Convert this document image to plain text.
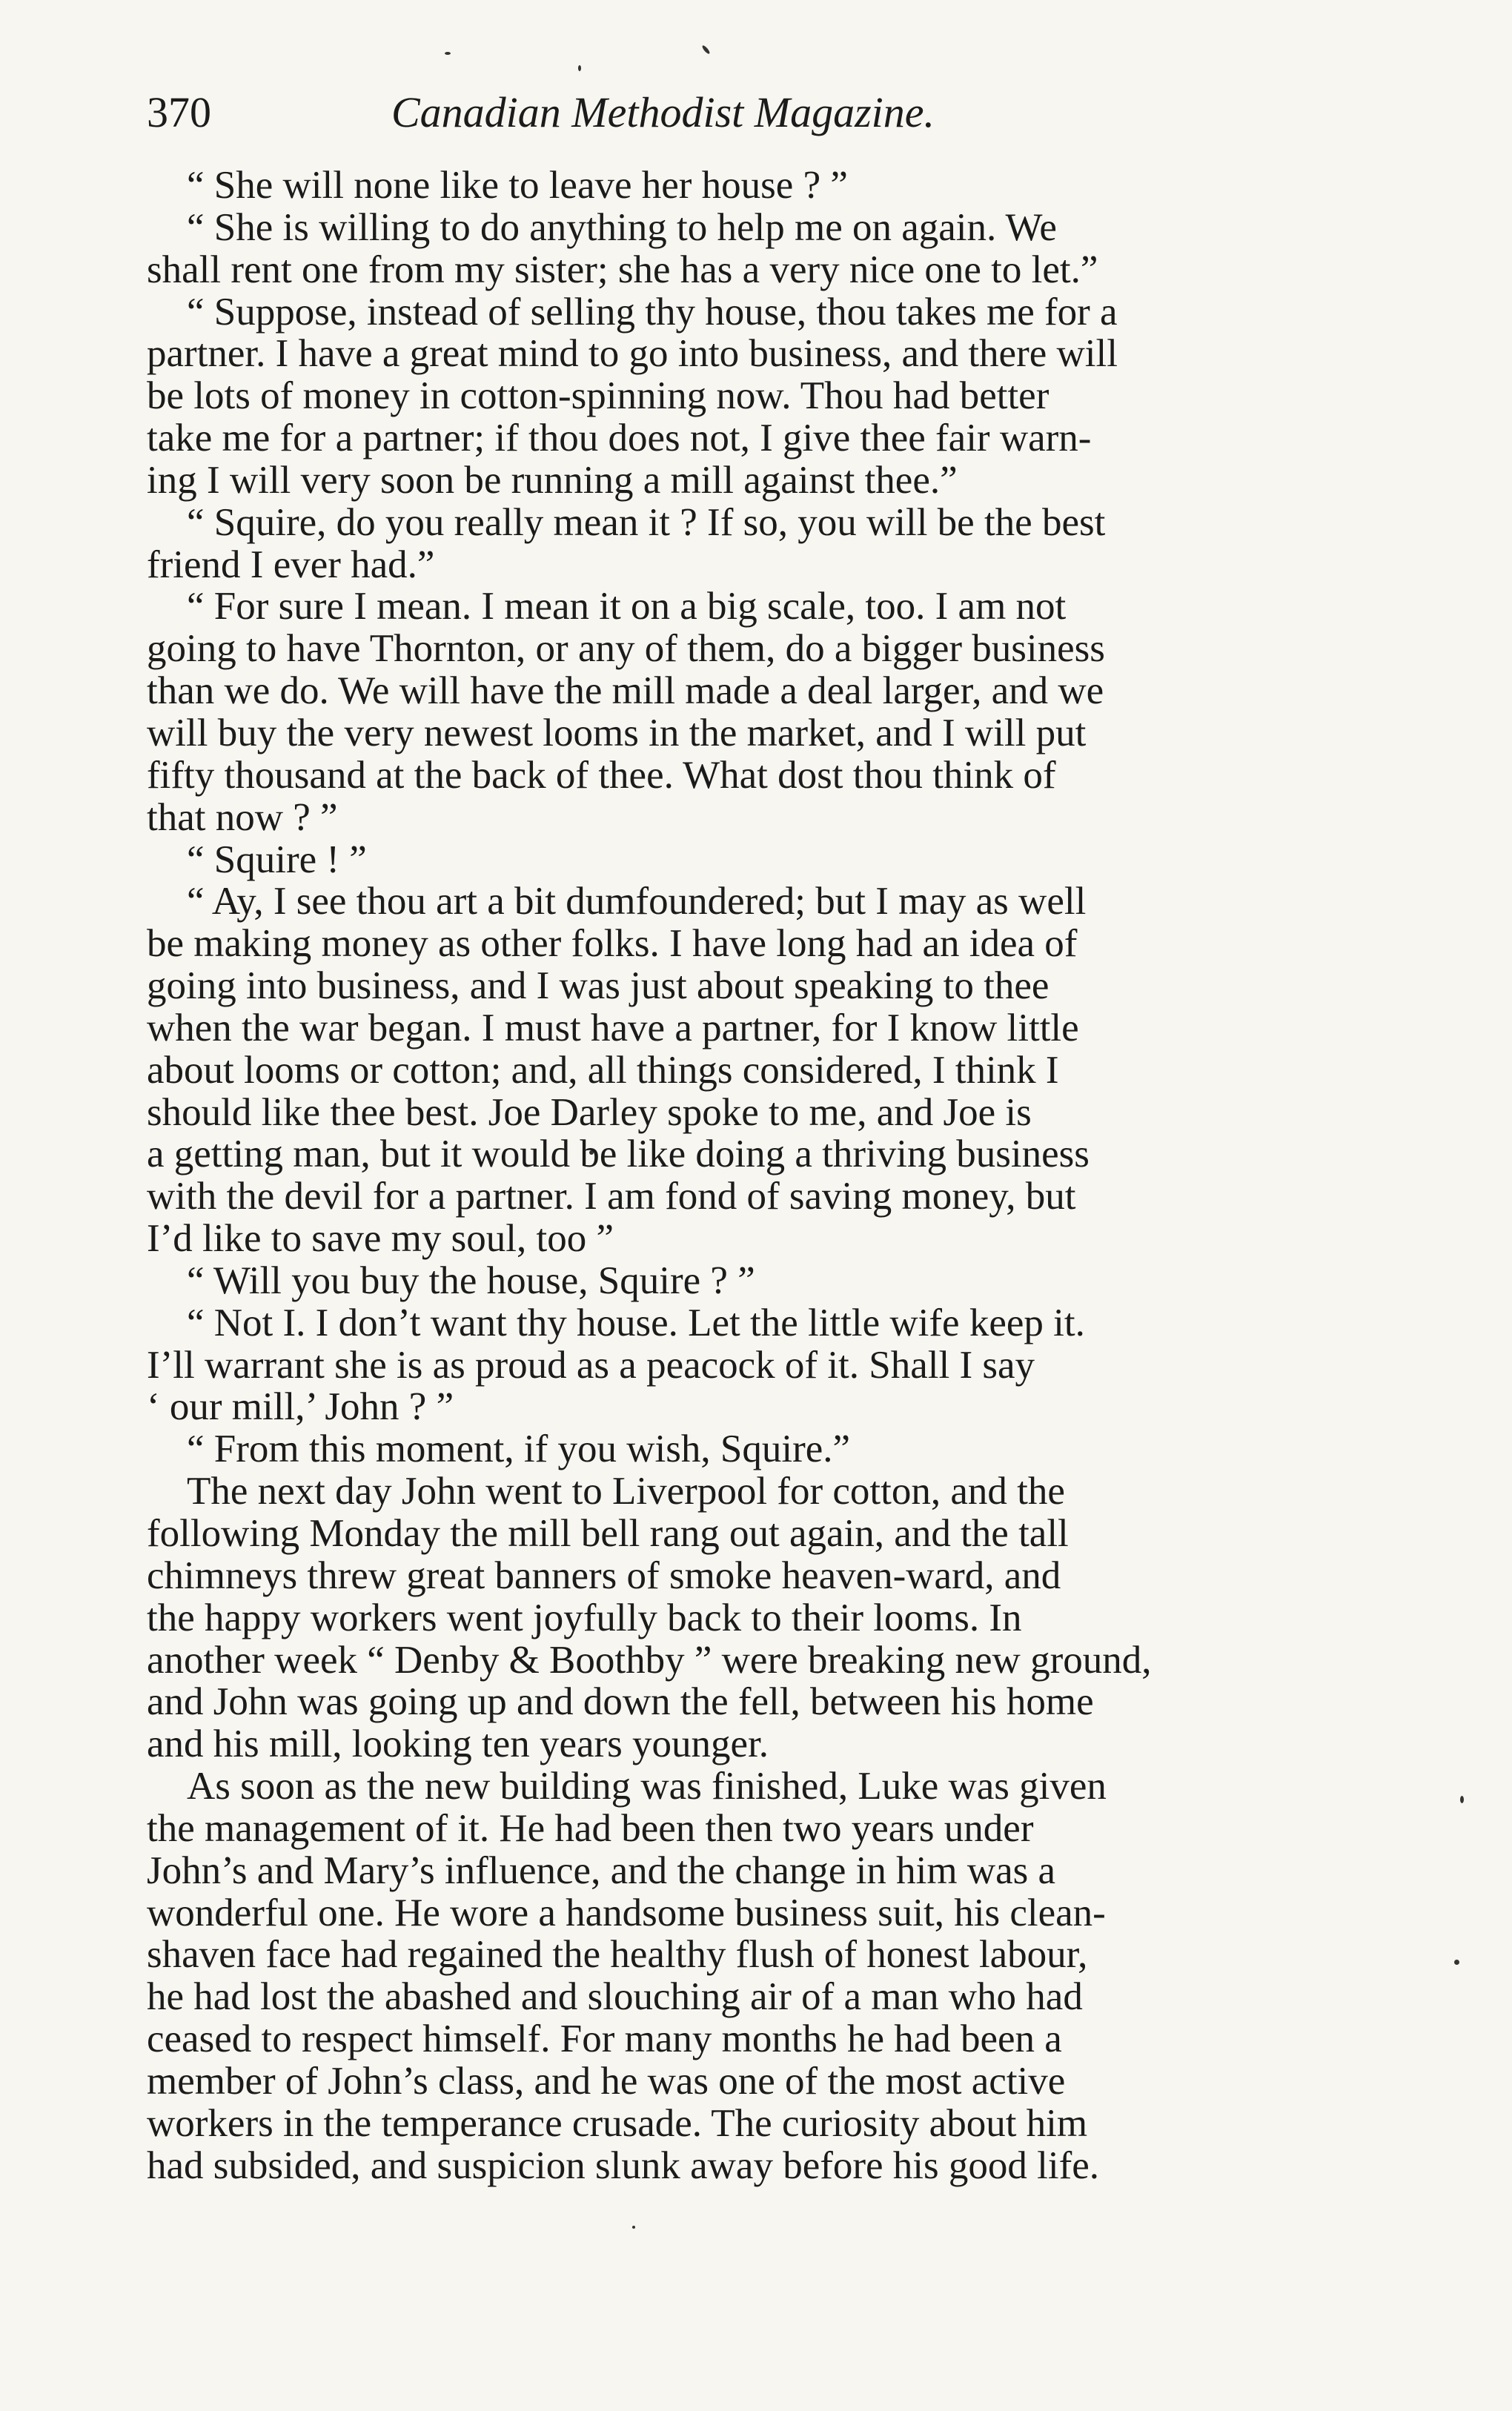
370	Canadian Methodist Magazine.

“ She will none like to leave her house ? ”

“ She is willing to do anything to help me on again. We
shall rent one from my sister; she has a very nice one to let.”

“ Suppose, instead of selling thy house, thou takes me for a
partner. I have a great mind to go into business, and there will
be lots of money in cotton-spinning now. Thou had better
take me for a partner; if thou does not, I give thee fair warn-
ing I will very soon be running a mill against thee.”

“ Squire, do you really mean it ? If so, you will be the best
friend I ever had.”

“ For sure I mean. I mean it on a big scale, too. I am not
going to have Thornton, or any of them, do a bigger business
than we do. We will have the mill made a deal larger, and we
will buy the very newest looms in the market, and I will put
fifty thousand at the back of thee. What dost thou think of
that now ? ”

“ Squire ! ”

“ Ay, I see thou art a bit dumfoundered; but I may as well
be making money as other folks. I have long had an idea of
going into business, and I was just about speaking to thee
when the war began. I must have a partner, for I know little
about looms or cotton; and, all things considered, I think I
should like thee best. Joe Darley spoke to me, and Joe is
a getting man, but it would be like doing a thriving business
with the devil for a partner. I am fond of saving money, but
I’d like to save my soul, too ”

“ Will you buy the house, Squire ? ”

“ Not I. I don’t want thy house. Let the little wife keep it.
I’ll warrant she is as proud as a peacock of it. Shall I say
‘ our mill,’ John ? ”

“ From this moment, if you wish, Squire.”

The next day John went to Liverpool for cotton, and the
following Monday the mill bell rang out again, and the tall
chimneys threw great banners of smoke heaven-ward, and
the happy workers went joyfully back to their looms. In
another week “ Denby & Boothby ” were breaking new ground,
and John was going up and down the fell, between his home
and his mill, looking ten years younger.

As soon as the new building was finished, Luke was given
the management of it. He had been then two years under
John’s and Mary’s influence, and the change in him was a
wonderful one. He wore a handsome business suit, his clean-
shaven face had regained the healthy flush of honest labour,
he had lost the abashed and slouching air of a man who had
ceased to respect himself. For many months he had been a
member of John’s class, and he was one of the most active
workers in the temperance crusade. The curiosity about him
had subsided, and suspicion slunk away before his good life.
